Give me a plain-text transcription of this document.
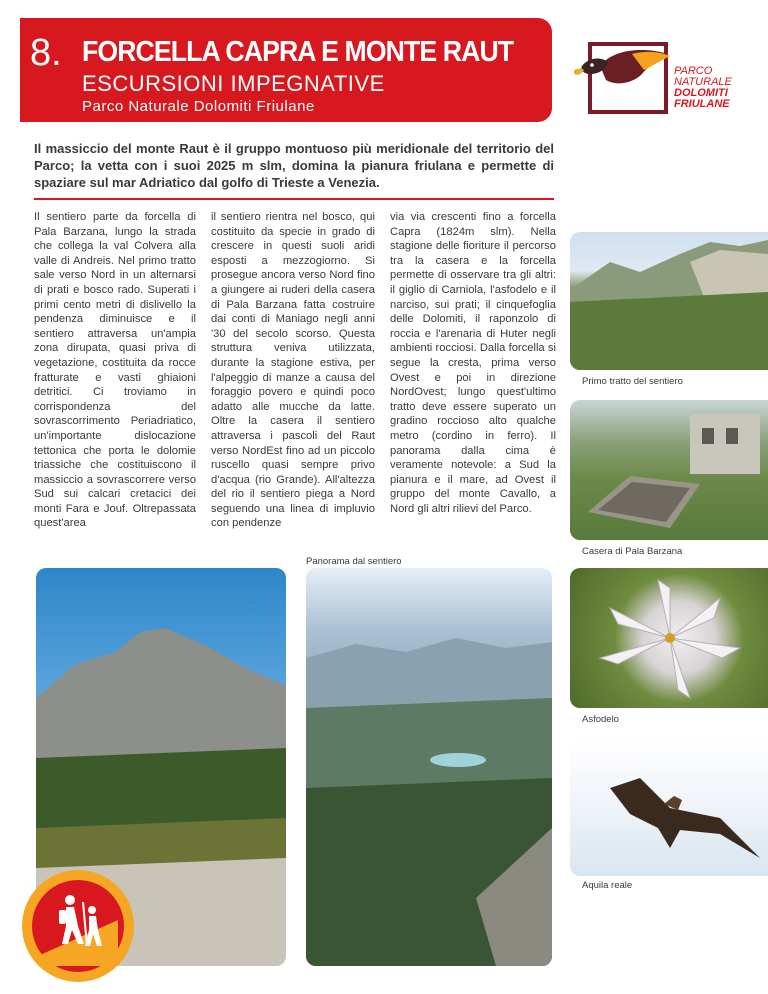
8. FORCELLA CAPRA E MONTE RAUT
ESCURSIONI IMPEGNATIVE
Parco Naturale Dolomiti Friulane
PARCO
NATURALE
DOLOMITI
FRIULANE

Il massiccio del monte Raut è il gruppo montuoso più meridionale del territorio del Parco; la vetta con i suoi 2025 m slm, domina la pianura friulana e permette di spaziare sul mar Adriatico dal golfo di Trieste a Venezia.

Il sentiero parte da forcella di Pala Barzana, lungo la strada che collega la val Colvera alla valle di Andreis. Nel primo tratto sale verso Nord in un alternarsi di prati e bosco rado. Superati i primi cento metri di dislivello la pendenza diminuisce e il sentiero attraversa un'ampia zona dirupata, quasi priva di vegetazione, costituita da rocce fratturate e vasti ghiaioni detritici. Ci troviamo in corrispondenza del sovrascorrimento Periadriatico, un'importante dislocazione tettonica che porta le dolomie triassiche che costituiscono il massiccio a sovrascorrere verso Sud sui calcari cretacici dei monti Fara e Jouf. Oltrepassata quest'area

il sentiero rientra nel bosco, qui costituito da specie in grado di crescere in questi suoli aridi esposti a mezzogiorno. Si prosegue ancora verso Nord fino a giungere ai ruderi della casera di Pala Barzana fatta costruire dai conti di Maniago negli anni '30 del secolo scorso. Questa struttura veniva utilizzata, durante la stagione estiva, per l'alpeggio di manze a causa del foraggio povero e quindi poco adatto alle mucche da latte. Oltre la casera il sentiero attraversa i pascoli del Raut verso NordEst fino ad un piccolo ruscello quasi sempre privo d'acqua (rio Grande). All'altezza del rio il sentiero piega a Nord seguendo una linea di impluvio con pendenze

via via crescenti fino a forcella Capra (1824m slm). Nella stagione delle fioriture il percorso tra la casera e la forcella permette di osservare tra gli altri: il giglio di Carniola, l'asfodelo e il narciso, sui prati; il cinquefoglia delle Dolomiti, il raponzolo di roccia e l'arenaria di Huter negli ambienti rocciosi. Dalla forcella si segue la cresta, prima verso Ovest e poi in direzione NordOvest; lungo quest'ultimo tratto deve essere superato un gradino roccioso alto qualche metro (cordino in ferro). Il panorama dalla cima è veramente notevole: a Sud la pianura e il mare, ad Ovest il gruppo del monte Cavallo, a Nord gli altri rilievi del Parco.

Primo tratto del sentiero
Casera di Pala Barzana
Panorama dal sentiero
Asfodelo
Aquila reale
